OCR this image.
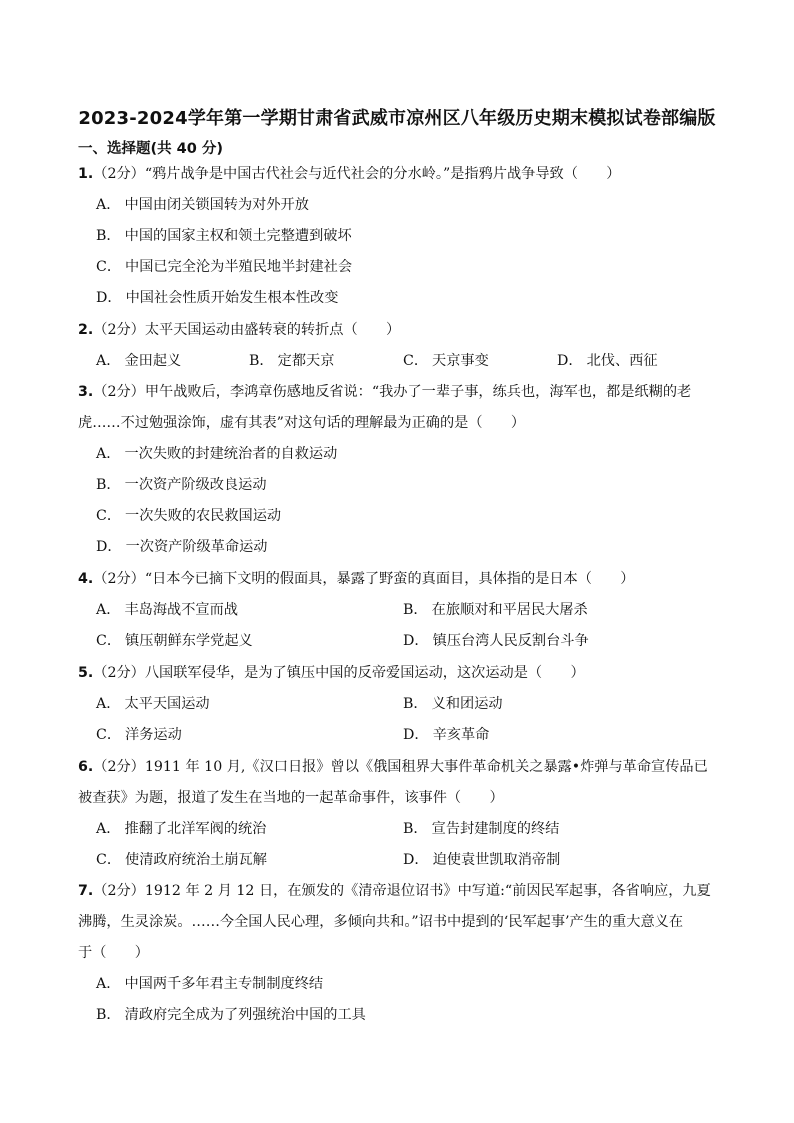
2023-2024学年第一学期甘肃省武威市凉州区八年级历史期末模拟试卷部编版
一、选择题(共 40 分)
1.（2分）“鸦片战争是中国古代社会与近代社会的分水岭。”是指鸦片战争导致（　　）
A． 中国由闭关锁国转为对外开放
B． 中国的国家主权和领土完整遭到破坏
C． 中国已完全沦为半殖民地半封建社会
D． 中国社会性质开始发生根本性改变
2.（2分）太平天国运动由盛转衰的转折点（　　）
A． 金田起义	B． 定都天京	C． 天京事变	D． 北伐、西征
3.（2分）甲午战败后，李鸿章伤感地反省说：“我办了一辈子事，练兵也，海军也，都是纸糊的老
虎……不过勉强涂饰，虚有其表”对这句话的理解最为正确的是（　　）
A． 一次失败的封建统治者的自救运动
B． 一次资产阶级改良运动
C． 一次失败的农民救国运动
D． 一次资产阶级革命运动
4.（2分）“日本今已摘下文明的假面具，暴露了野蛮的真面目，具体指的是日本（　　）
A． 丰岛海战不宣而战	B． 在旅顺对和平居民大屠杀
C． 镇压朝鲜东学党起义	D． 镇压台湾人民反割台斗争
5.（2分）八国联军侵华，是为了镇压中国的反帝爱国运动，这次运动是（　　）
A． 太平天国运动	B． 义和团运动
C． 洋务运动	D． 辛亥革命
6.（2分）1911 年 10 月,《汉口日报》曾以《俄国租界大事件革命机关之暴露•炸弹与革命宣传品已
被查获》为题，报道了发生在当地的一起革命事件，该事件（　　）
A． 推翻了北洋军阀的统治	B． 宣告封建制度的终结
C． 使清政府统治土崩瓦解	D． 迫使袁世凯取消帝制
7.（2分）1912 年 2 月 12 日，在颁发的《清帝退位诏书》中写道:“前因民军起事，各省响应，九夏
沸腾，生灵涂炭。……今全国人民心理，多倾向共和。”诏书中提到的‘民军起事’产生的重大意义在
于（　　）
A． 中国两千多年君主专制制度终结
B． 清政府完全成为了列强统治中国的工具
